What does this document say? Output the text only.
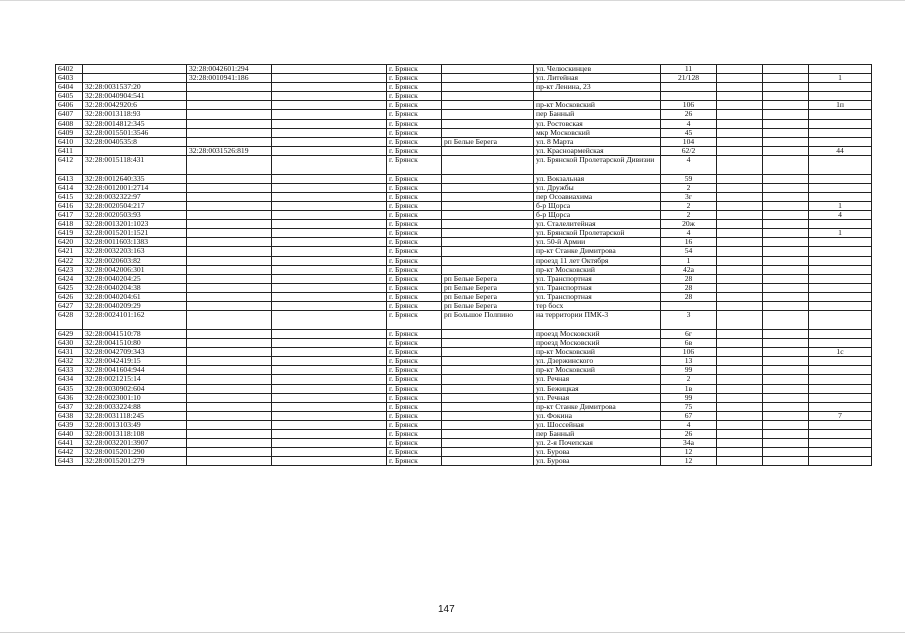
6402		32:28:0042601:294		г. Брянск		ул. Челюскинцев	11			
6403		32:28:0010941:186		г. Брянск		ул. Литейная	21/128			1
6404	32:28:0031537:20			г. Брянск		пр-кт Ленина, 23				
6405	32:28:0040904:541			г. Брянск						
6406	32:28:0042920:6			г. Брянск		пр-кт Московский	106			1п
6407	32:28:0013118:93			г. Брянск		пер Банный	26			
6408	32:28:0014812:345			г. Брянск		ул. Ростовская	4			
6409	32:28:0015501:3546			г. Брянск		мкр Московский	45			
6410	32:28:0040535:8			г. Брянск	рп Белые Берега	ул. 8 Марта	104			
6411		32:28:0031526:819		г. Брянск		ул. Красноармейская	62/2			44
6412	32:28:0015118:431			г. Брянск		ул. Брянской Пролетарской Дивизии	4			
6413	32:28:0012640:335			г. Брянск		ул. Вокзальная	59			
6414	32:28:0012001:2714			г. Брянск		ул. Дружбы	2			
6415	32:28:0032322:97			г. Брянск		пер Осоавиахима	3г			
6416	32:28:0020504:217			г. Брянск		б-р Щорса	2			1
6417	32:28:0020503:93			г. Брянск		б-р Щорса	2			4
6418	32:28:0013201:1023			г. Брянск		ул. Сталелитейная	20ж			
6419	32:28:0015201:1521			г. Брянск		ул. Брянской Пролетарской	4			1
6420	32:28:0011603:1383			г. Брянск		ул. 50-й Армии	16			
6421	32:28:0032203:163			г. Брянск		пр-кт Станке Димитрова	54			
6422	32:28:0020603:82			г. Брянск		проезд 11 лет Октября	1			
6423	32:28:0042006:301			г. Брянск		пр-кт Московский	42а			
6424	32:28:0040204:25			г. Брянск	рп Белые Берега	ул. Транспортная	28			
6425	32:28:0040204:38			г. Брянск	рп Белые Берега	ул. Транспортная	28			
6426	32:28:0040204:61			г. Брянск	рп Белые Берега	ул. Транспортная	28			
6427	32:28:0040209:29			г. Брянск	рп Белые Берега	тер босх				
6428	32:28:0024101:162			г. Брянск	рп Большое Полпино	на территории ПМК-3	3			
6429	32:28:0041510:78			г. Брянск		проезд Московский	6г			
6430	32:28:0041510:80			г. Брянск		проезд Московский	6в			
6431	32:28:0042709:343			г. Брянск		пр-кт Московский	106			1с
6432	32:28:0042419:15			г. Брянск		ул. Дзержинского	13			
6433	32:28:0041604:944			г. Брянск		пр-кт Московский	99			
6434	32:28:0021215:14			г. Брянск		ул. Речная	2			
6435	32:28:0030902:604			г. Брянск		ул. Бежицкая	1в			
6436	32:28:0023001:10			г. Брянск		ул. Речная	99			
6437	32:28:0033224:88			г. Брянск		пр-кт Станке Димитрова	75			
6438	32:28:0031118:245			г. Брянск		ул. Фокина	67			7
6439	32:28:0013103:49			г. Брянск		ул. Шоссейная	4			
6440	32:28:0013118:108			г. Брянск		пер Банный	26			
6441	32:28:0032201:3907			г. Брянск		ул. 2-я Почепская	34а			
6442	32:28:0015201:290			г. Брянск		ул. Бурова	12			
6443	32:28:0015201:279			г. Брянск		ул. Бурова	12			
147
